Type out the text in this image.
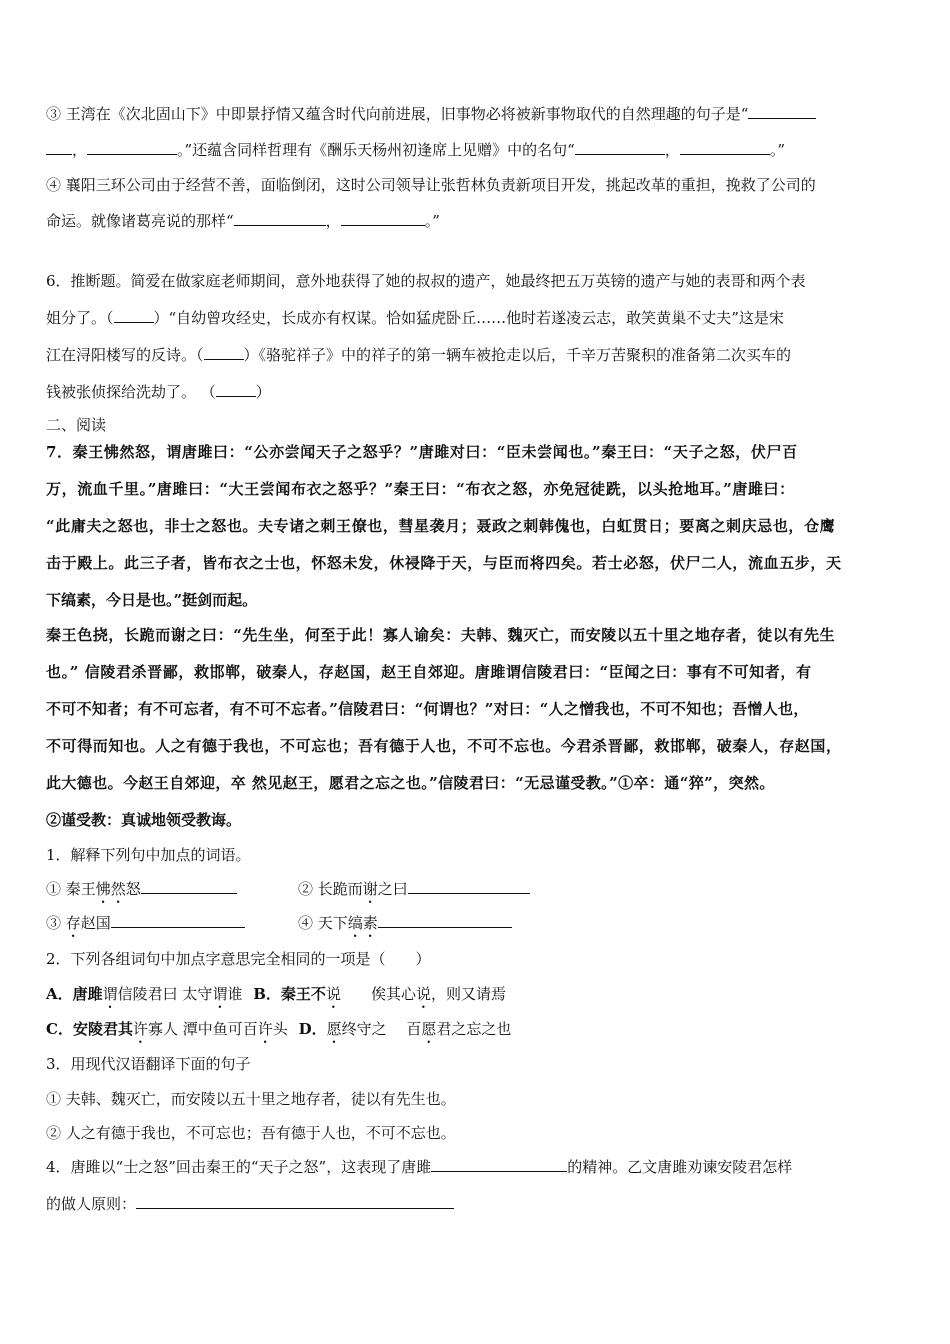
③ 王湾在《次北固山下》中即景抒情又蕴含时代向前进展，旧事物必将被新事物取代的自然理趣的句子是“
，	。”还蕴含同样哲理有《酬乐天杨州初逢席上见赠》中的名句“	，	。”
④ 襄阳三环公司由于经营不善，面临倒闭，这时公司领导让张哲林负责新项目开发，挑起改革的重担，挽救了公司的
命运。就像诸葛亮说的那样“	，	。”
6．推断题。简爱在做家庭老师期间，意外地获得了她的叔叔的遗产，她最终把五万英镑的遗产与她的表哥和两个表
姐分了。（	）“自幼曾攻经史，长成亦有权谋。恰如猛虎卧丘……他时若遂凌云志，敢笑黄巢不丈夫”这是宋
江在浔阳楼写的反诗。（	）《骆驼祥子》中的祥子的第一辆车被抢走以后，千辛万苦聚积的准备第二次买车的
钱被张侦探给洗劫了。 （	）
二、阅读
7．秦王怫然怒，谓唐雎曰：“公亦尝闻天子之怒乎？”唐雎对曰：“臣未尝闻也。”秦王曰：“天子之怒，伏尸百
万，流血千里。”唐雎曰：“大王尝闻布衣之怒乎？”秦王曰：“布衣之怒，亦免冠徒跣，以头抢地耳。”唐雎曰：
“此庸夫之怒也，非士之怒也。夫专诸之刺王僚也，彗星袭月；聂政之刺韩傀也，白虹贯日；要离之刺庆忌也，仓鹰
击于殿上。此三子者，皆布衣之士也，怀怒未发，休祲降于天，与臣而将四矣。若士必怒，伏尸二人，流血五步，天
下缟素，今日是也。”挺剑而起。
秦王色挠，长跪而谢之曰：“先生坐，何至于此！寡人谕矣：夫韩、魏灭亡，而安陵以五十里之地存者，徒以有先生
也。” 信陵君杀晋鄙，救邯郸，破秦人，存赵国，赵王自郊迎。唐雎谓信陵君曰：“臣闻之曰：事有不可知者，有
不可不知者；有不可忘者，有不可不忘者。”信陵君曰：“何谓也？”对曰：“人之憎我也，不可不知也；吾憎人也，
不可得而知也。人之有德于我也，不可忘也；吾有德于人也，不可不忘也。今君杀晋鄙，救邯郸，破秦人，存赵国，
此大德也。今赵王自郊迎，卒 然见赵王，愿君之忘之也。”信陵君曰：“无忌谨受教。”①卒：通“猝”，突然。
②谨受教：真诚地领受教诲。
1．解释下列句中加点的词语。
① 秦王怫然怒	② 长跪而谢之曰
③ 存赵国	④ 天下缟素
2．下列各组词句中加点字意思完全相同的一项是（　　）
A．唐雎谓信陵君曰 太守谓谁 B．秦王不说　　俟其心说，则又请焉
C．安陵君其许寡人 潭中鱼可百许头 D．愿终守之　 百愿君之忘之也
3．用现代汉语翻译下面的句子
① 夫韩、魏灭亡，而安陵以五十里之地存者，徒以有先生也。
② 人之有德于我也，不可忘也；吾有德于人也，不可不忘也。
4．唐雎以“士之怒”回击秦王的“天子之怒”，这表现了唐雎	的精神。乙文唐雎劝谏安陵君怎样
的做人原则：
